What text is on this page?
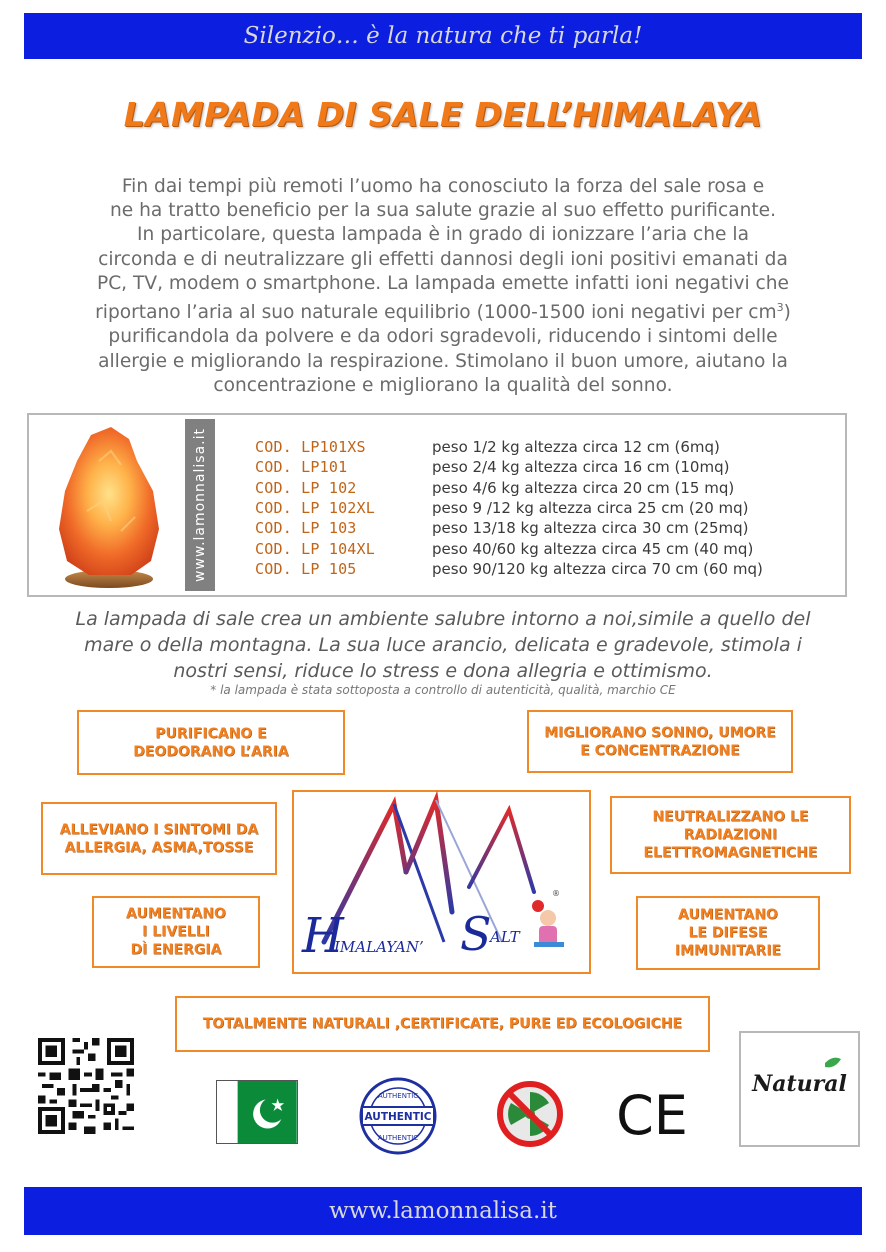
Silenzio… è la natura che ti parla!
LAMPADA DI SALE DELL’HIMALAYA
Fin dai tempi più remoti l’uomo ha conosciuto la forza del sale rosa e
ne ha tratto beneficio per la sua salute grazie al suo effetto purificante.
In particolare, questa lampada è in grado di ionizzare l’aria che la
circonda e di neutralizzare gli effetti dannosi degli ioni positivi emanati da
PC, TV, modem o smartphone. La lampada emette infatti ioni negativi che
riportano l’aria al suo naturale equilibrio (1000-1500 ioni negativi per $cm^3$)
purificandola da polvere e da odori sgradevoli, riducendo i sintomi delle
allergie e migliorando la respirazione. Stimolano il buon umore, aiutano la
concentrazione e migliorano la qualità del sonno.
www.lamonnalisa.it	COD. LP101XS	peso 1/2 kg altezza circa 12 cm (6mq)
COD. LP101	peso 2/4 kg altezza circa 16 cm (10mq)
COD. LP 102	peso 4/6 kg altezza circa 20 cm (15 mq)
COD. LP 102XL	peso 9 /12 kg altezza circa 25 cm (20 mq)
COD. LP 103	peso 13/18 kg altezza circa 30 cm (25mq)
COD. LP 104XL	peso 40/60 kg altezza circa 45 cm (40 mq)
COD. LP 105	peso 90/120 kg altezza circa 70 cm (60 mq)
La lampada di sale crea un ambiente salubre intorno a noi,simile a quello del
mare o della montagna. La sua luce arancio, delicata e gradevole, stimola i
nostri sensi, riduce lo stress e dona allegria e ottimismo.
* la lampada è stata sottoposta a controllo di autenticità, qualità, marchio CE
PURIFICANO E
DEODORANO L’ARIA
MIGLIORANO SONNO, UMORE
E CONCENTRAZIONE
ALLEVIANO I SINTOMI DA
ALLERGIA, ASMA,TOSSE
NEUTRALIZZANO LE
RADIAZIONI
ELETTROMAGNETICHE
AUMENTANO
I LIVELLI
DÌ ENERGIA
AUMENTANO
LE DIFESE
IMMUNITARIE
TOTALMENTE NATURALI ,CERTIFICATE, PURE ED ECOLOGICHE
H
IMALAYAN’ S
ALT
®
AUTHENTIC
AUTHENTIC
AUTHENTIC	CE	Natural
www.lamonnalisa.it
